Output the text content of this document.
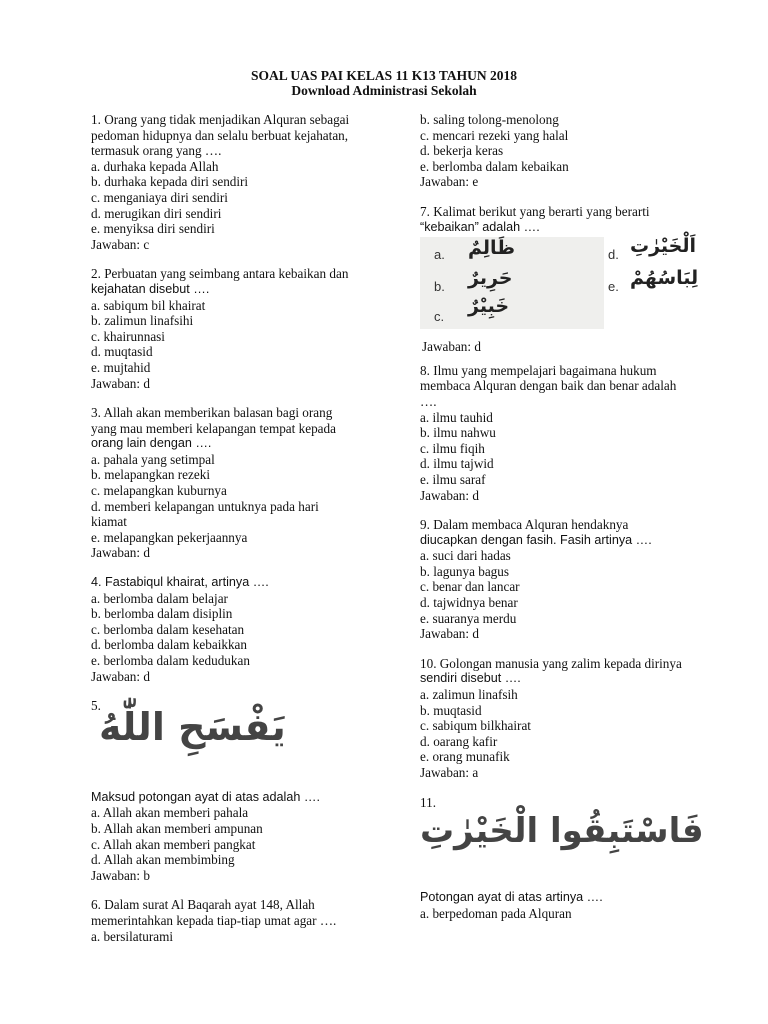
SOAL UAS PAI KELAS 11 K13 TAHUN 2018
Download Administrasi Sekolah
1. Orang yang tidak menjadikan Alquran sebagai
pedoman hidupnya dan selalu berbuat kejahatan,
termasuk orang yang ….
a. durhaka kepada Allah
b. durhaka kepada diri sendiri
c. menganiaya diri sendiri
d. merugikan diri sendiri
e. menyiksa diri sendiri
Jawaban: c
2. Perbuatan yang seimbang antara kebaikan dan
kejahatan disebut ….
a. sabiqum bil khairat
b. zalimun linafsihi
c. khairunnasi
d. muqtasid
e. mujtahid
Jawaban: d
3. Allah akan memberikan balasan bagi orang
yang mau memberi kelapangan tempat kepada
orang lain dengan ….
a. pahala yang setimpal
b. melapangkan rezeki
c. melapangkan kuburnya
d. memberi kelapangan untuknya pada hari
kiamat
e. melapangkan pekerjaannya
Jawaban: d
4. Fastabiqul khairat, artinya ….
a. berlomba dalam belajar
b. berlomba dalam disiplin
c. berlomba dalam kesehatan
d. berlomba dalam kebaikkan
e. berlomba dalam kedudukan
Jawaban: d
5.
يَفْسَحِ اللّٰهُ
Maksud potongan ayat di atas adalah ….
a. Allah akan memberi pahala
b. Allah akan memberi ampunan
c. Allah akan memberi pangkat
d. Allah akan membimbing
Jawaban: b
6. Dalam surat Al Baqarah ayat 148, Allah
memerintahkan kepada tiap-tiap umat agar ….
a. bersilaturami
b. saling tolong-menolong
c. mencari rezeki yang halal
d. bekerja keras
e. berlomba dalam kebaikan
Jawaban: e
7. Kalimat berikut yang berarti yang berarti
“kebaikan” adalah ….
a. ظَالِمٌ
b. حَرِيرٌ
c. خَبِيْرٌ
d. اَلْخَيْرٰتِ
e. لِبَاسُهُمْ
Jawaban: d
8. Ilmu yang mempelajari bagaimana hukum
membaca Alquran dengan baik dan benar adalah
….
a. ilmu tauhid
b. ilmu nahwu
c. ilmu fiqih
d. ilmu tajwid
e. ilmu saraf
Jawaban: d
9. Dalam membaca Alquran hendaknya
diucapkan dengan fasih. Fasih artinya ….
a. suci dari hadas
b. lagunya bagus
c. benar dan lancar
d. tajwidnya benar
e. suaranya merdu
Jawaban: d
10. Golongan manusia yang zalim kepada dirinya
sendiri disebut ….
a. zalimun linafsih
b. muqtasid
c. sabiqum bilkhairat
d. oarang kafir
e. orang munafik
Jawaban: a
11.
فَاسْتَبِقُوا الْخَيْرٰتِ
Potongan ayat di atas artinya ….
a. berpedoman pada Alquran
